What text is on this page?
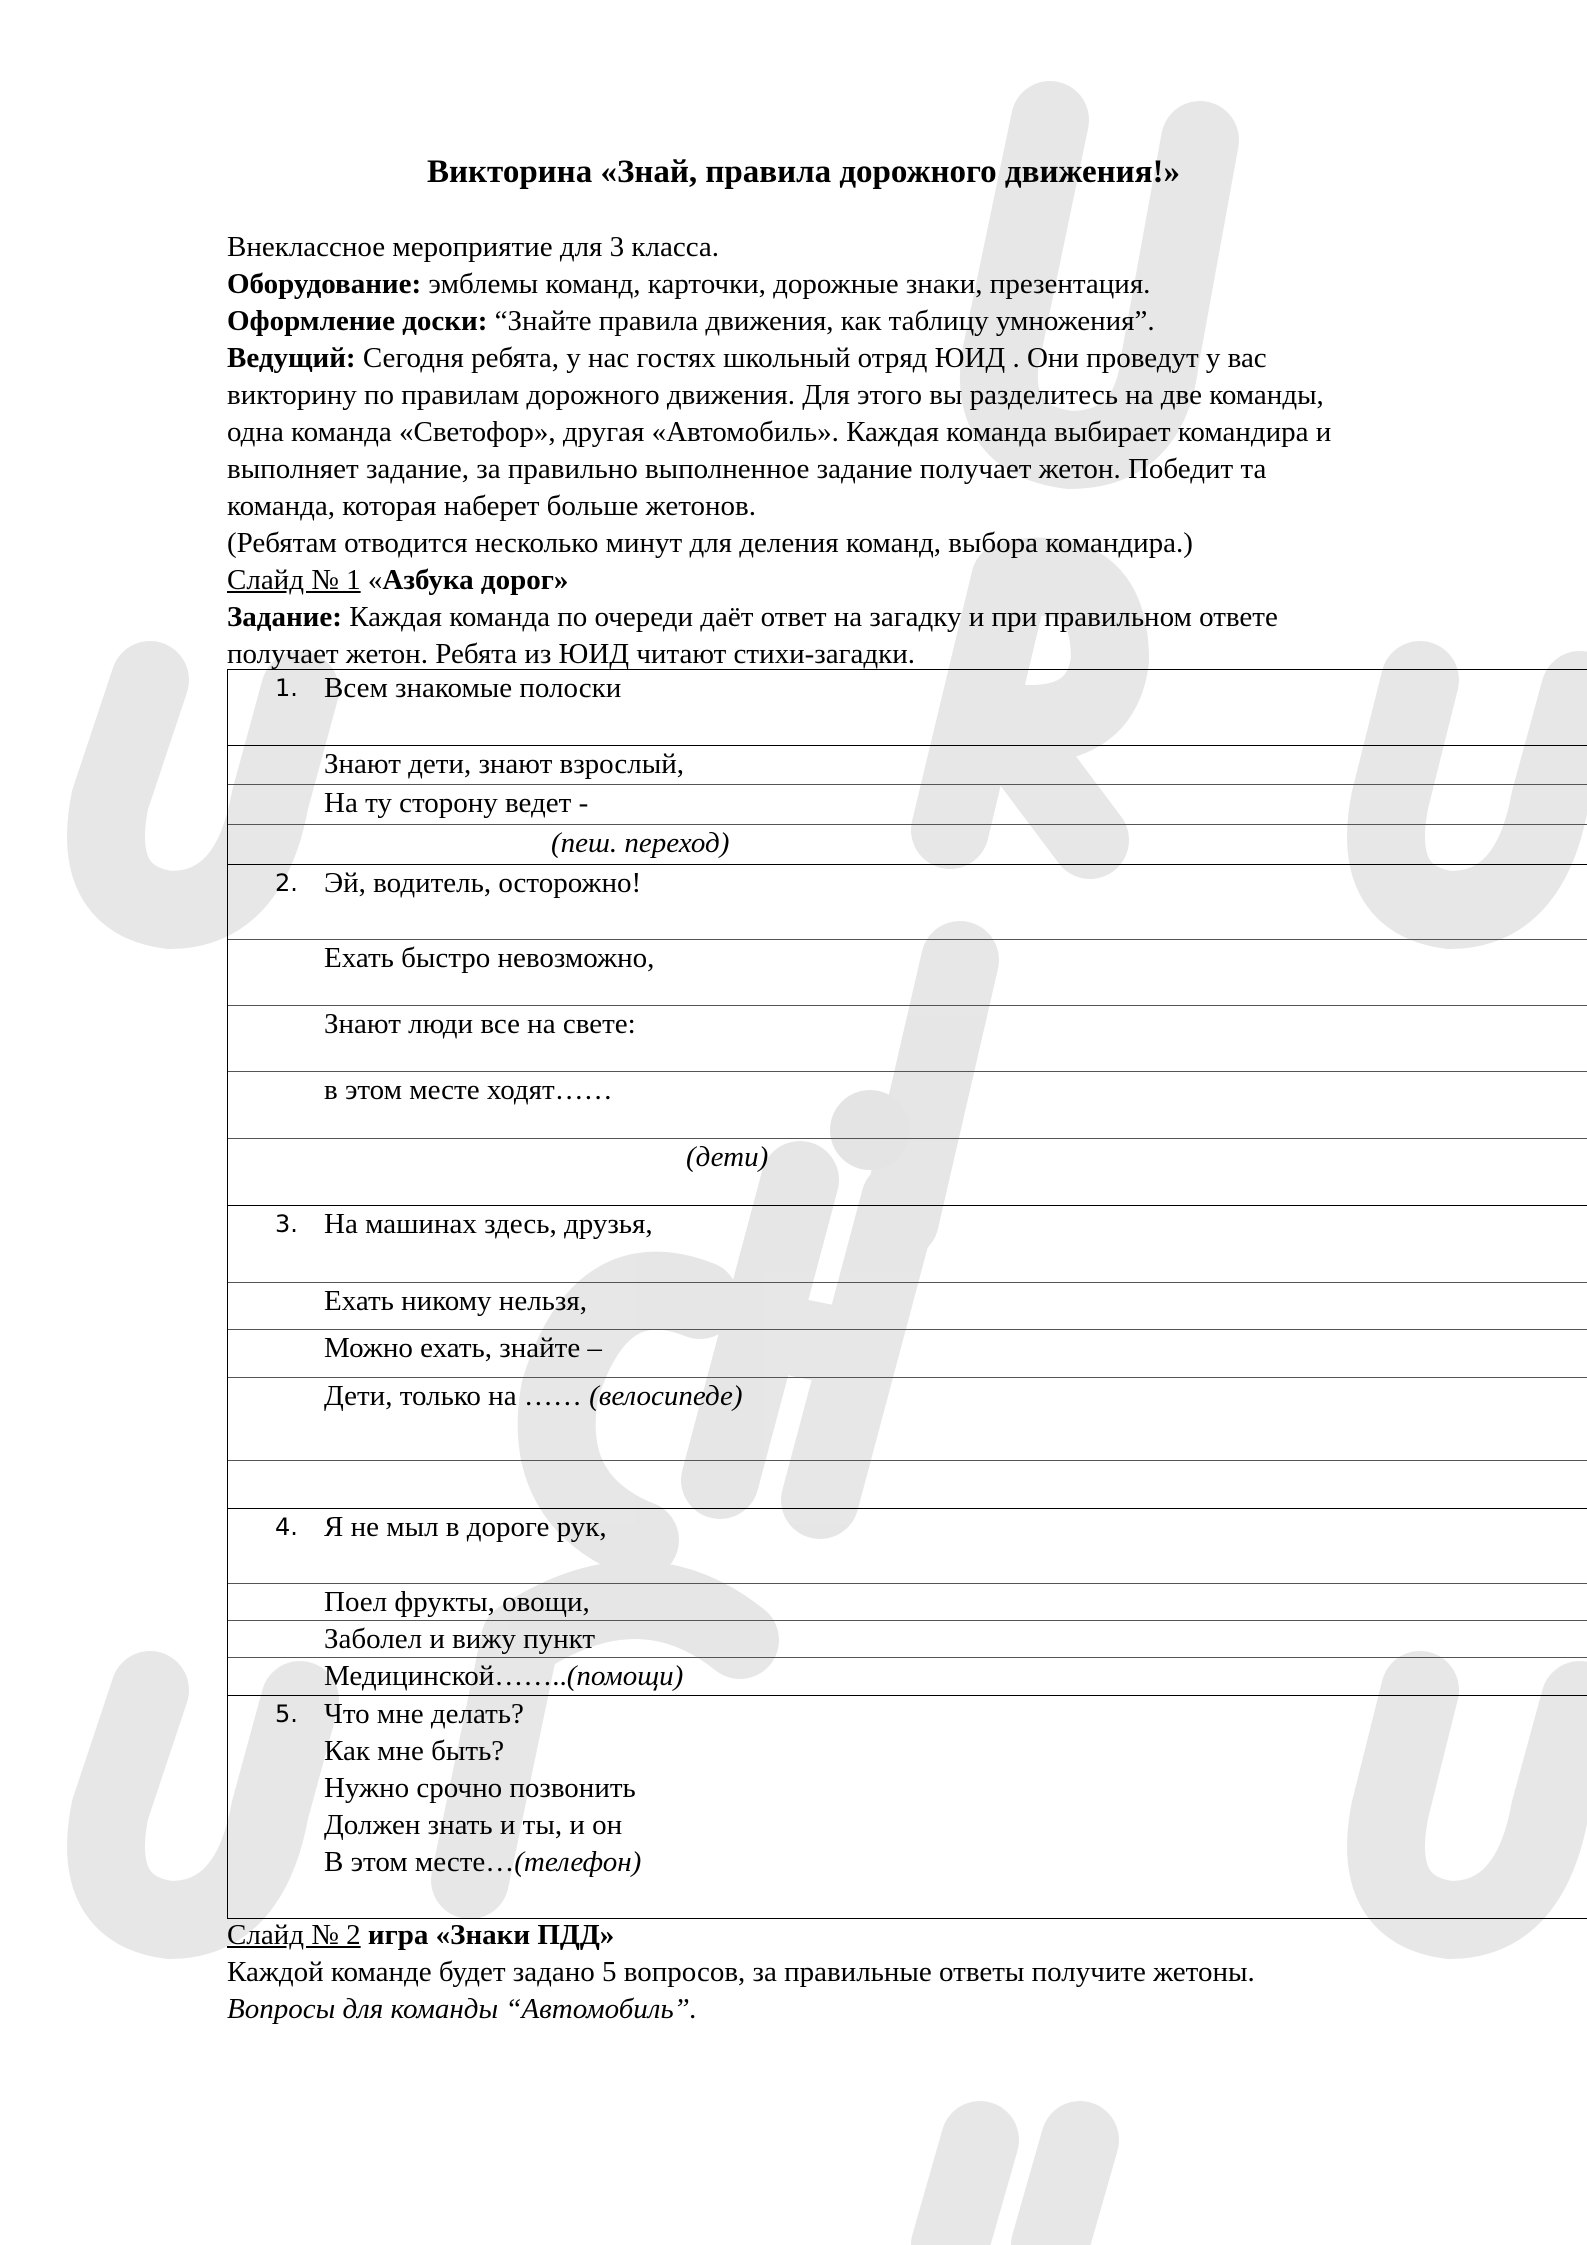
Викторина «Знай, правила дорожного движения!»

Внеклассное мероприятие для 3 класса.

Оборудование: эмблемы команд, карточки, дорожные знаки, презентация.

Оформление доски: “Знайте правила движения, как таблицу умножения”.

Ведущий: Сегодня ребята, у нас гостях школьный отряд ЮИД . Они проведут у вас

викторину по правилам дорожного движения. Для этого вы разделитесь на две команды,

одна команда «Светофор», другая «Автомобиль». Каждая команда выбирает командира и

выполняет задание, за правильно выполненное задание получает жетон. Победит та

команда, которая наберет больше жетонов.

(Ребятам отводится несколько минут для деления команд, выбора командира.)

Слайд № 1 «Азбука дорог»

Задание: Каждая команда по очереди даёт ответ на загадку и при правильном ответе

получает жетон. Ребята из ЮИД читают стихи-загадки.

1. Всем знакомые полоски
Знают дети, знают взрослый,
На ту сторону ведет -
(пеш. переход)
2. Эй, водитель, осторожно!
Ехать быстро невозможно,
Знают люди все на свете:
в этом месте ходят……
(дети)
3. На машинах здесь, друзья,
Ехать никому нельзя,
Можно ехать, знайте –
Дети, только на …… (велосипеде)
4. Я не мыл в дороге рук,
Поел фрукты, овощи,
Заболел и вижу пункт
Медицинской……..(помощи)
5. Что мне делать?
Как мне быть?
Нужно срочно позвонить
Должен знать и ты, и он
В этом месте…(телефон)

Слайд № 2 игра «Знаки ПДД»

Каждой команде будет задано 5 вопросов, за правильные ответы получите жетоны.

Вопросы для команды “Автомобиль”.
